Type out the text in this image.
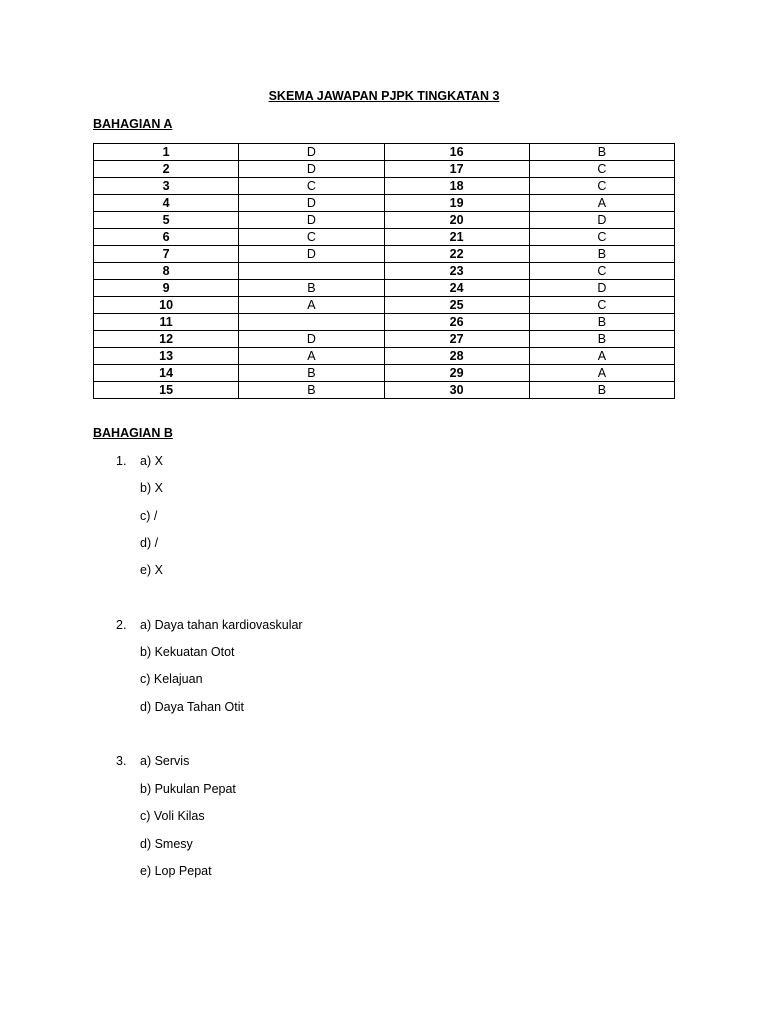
SKEMA JAWAPAN PJPK TINGKATAN 3
BAHAGIAN A
1	D	16	B
2	D	17	C
3	C	18	C
4	D	19	A
5	D	20	D
6	C	21	C
7	D	22	B
8		23	C
9	B	24	D
10	A	25	C
11		26	B
12	D	27	B
13	A	28	A
14	B	29	A
15	B	30	B
BAHAGIAN B
1.	a) X
b) X
c) /
d) /
e) X
2.	a) Daya tahan kardiovaskular
b) Kekuatan Otot
c) Kelajuan
d) Daya Tahan Otit
3.	a) Servis
b) Pukulan Pepat
c) Voli Kilas
d) Smesy
e) Lop Pepat
